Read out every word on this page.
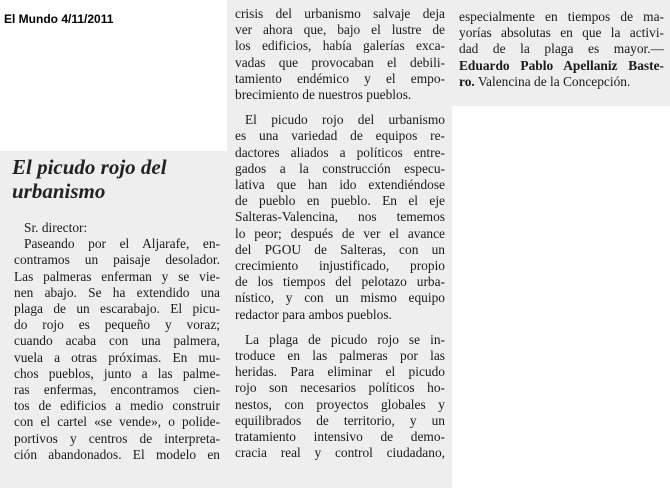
El Mundo 4/11/2011
El picudo rojo del
urbanismo
Sr. director:
Paseando por el Aljarafe, en-
contramos un paisaje desolador.
Las palmeras enferman y se vie-
nen abajo. Se ha extendido una
plaga de un escarabajo. El picu-
do rojo es pequeño y voraz;
cuando acaba con una palmera,
vuela a otras próximas. En mu-
chos pueblos, junto a las palme-
ras enfermas, encontramos cien-
tos de edificios a medio construir
con el cartel «se vende», o polide-
portivos y centros de interpreta-
ción abandonados. El modelo en
crisis del urbanismo salvaje deja
ver ahora que, bajo el lustre de
los edificios, había galerías exca-
vadas que provocaban el debili-
tamiento endémico y el empo-
brecimiento de nuestros pueblos.
El picudo rojo del urbanismo
es una variedad de equipos re-
dactores aliados a políticos entre-
gados a la construcción especu-
lativa que han ido extendiéndose
de pueblo en pueblo. En el eje
Salteras-Valencina, nos tememos
lo peor; después de ver el avance
del PGOU de Salteras, con un
crecimiento injustificado, propio
de los tiempos del pelotazo urba-
nístico, y con un mismo equipo
redactor para ambos pueblos.
La plaga de picudo rojo se in-
troduce en las palmeras por las
heridas. Para eliminar el picudo
rojo son necesarios políticos ho-
nestos, con proyectos globales y
equilibrados de territorio, y un
tratamiento intensivo de demo-
cracia real y control ciudadano,
especialmente en tiempos de ma-
yorías absolutas en que la activi-
dad de la plaga es mayor.—
Eduardo Pablo Apellaniz Baste-
ro. Valencina de la Concepción.
